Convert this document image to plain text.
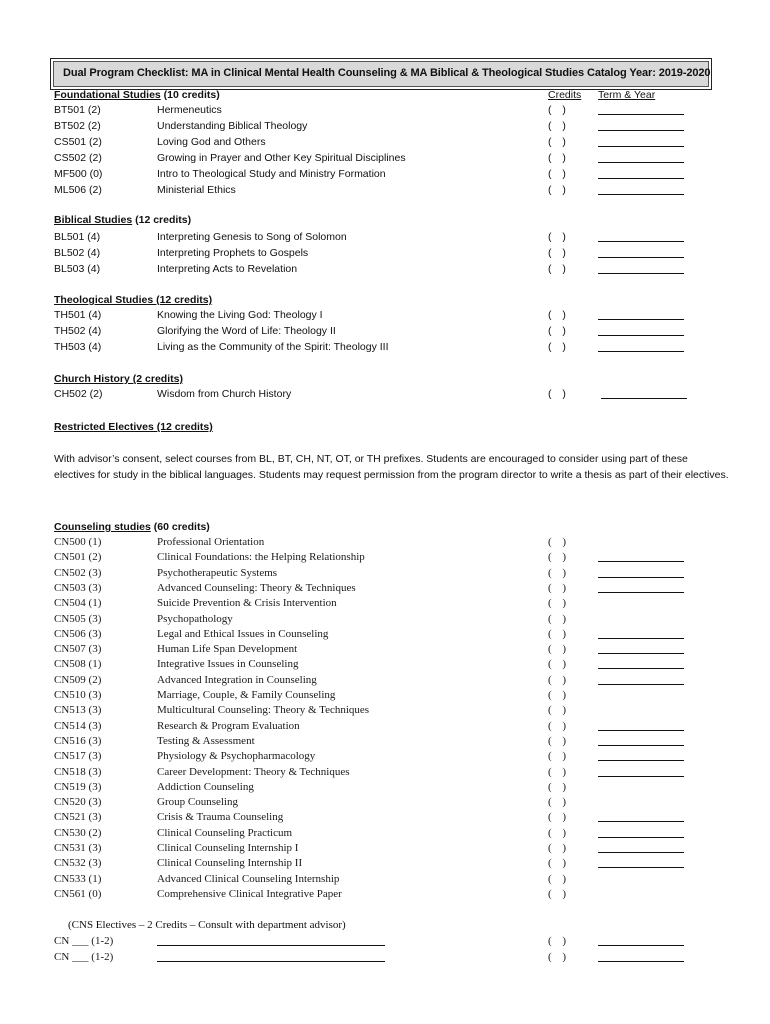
Dual Program Checklist: MA in Clinical Mental Health Counseling & MA Biblical & Theological Studies Catalog Year: 2019-2020
Foundational Studies (10 credits)	Credits Term & Year
BT501 (2)	Hermeneutics	( )
BT502 (2)	Understanding Biblical Theology	( )
CS501 (2)	Loving God and Others	( )
CS502 (2)	Growing in Prayer and Other Key Spiritual Disciplines	( )
MF500 (0)	Intro to Theological Study and Ministry Formation	( )
ML506 (2)	Ministerial Ethics	( )
Biblical Studies (12 credits)
BL501 (4)	Interpreting Genesis to Song of Solomon	( )
BL502 (4)	Interpreting Prophets to Gospels	( )
BL503 (4)	Interpreting Acts to Revelation	( )
Theological Studies (12 credits)
TH501 (4)	Knowing the Living God: Theology I	( )
TH502 (4)	Glorifying the Word of Life: Theology II	( )
TH503 (4)	Living as the Community of the Spirit: Theology III	( )
Church History (2 credits)
CH502 (2)	Wisdom from Church History	( )
Restricted Electives (12 credits)
With advisor’s consent, select courses from BL, BT, CH, NT, OT, or TH prefixes. Students are encouraged to consider using part of these electives for study in the biblical languages. Students may request permission from the program director to write a thesis as part of their electives.
Counseling studies (60 credits)
CN500 (1)	Professional Orientation	( )
CN501 (2)	Clinical Foundations: the Helping Relationship	( )
CN502 (3)	Psychotherapeutic Systems	( )
CN503 (3)	Advanced Counseling: Theory & Techniques	( )
CN504 (1)	Suicide Prevention & Crisis Intervention	( )
CN505 (3)	Psychopathology	( )
CN506 (3)	Legal and Ethical Issues in Counseling	( )
CN507 (3)	Human Life Span Development	( )
CN508 (1)	Integrative Issues in Counseling	( )
CN509 (2)	Advanced Integration in Counseling	( )
CN510 (3)	Marriage, Couple, & Family Counseling	( )
CN513 (3)	Multicultural Counseling: Theory & Techniques	( )
CN514 (3)	Research & Program Evaluation	( )
CN516 (3)	Testing & Assessment	( )
CN517 (3)	Physiology & Psychopharmacology	( )
CN518 (3)	Career Development: Theory & Techniques	( )
CN519 (3)	Addiction Counseling	( )
CN520 (3)	Group Counseling	( )
CN521 (3)	Crisis & Trauma Counseling	( )
CN530 (2)	Clinical Counseling Practicum	( )
CN531 (3)	Clinical Counseling Internship I	( )
CN532 (3)	Clinical Counseling Internship II	( )
CN533 (1)	Advanced Clinical Counseling Internship	( )
CN561 (0)	Comprehensive Clinical Integrative Paper	( )
(CNS Electives – 2 Credits – Consult with department advisor)
CN ___ (1-2)	( )
CN ___ (1-2)	( )
